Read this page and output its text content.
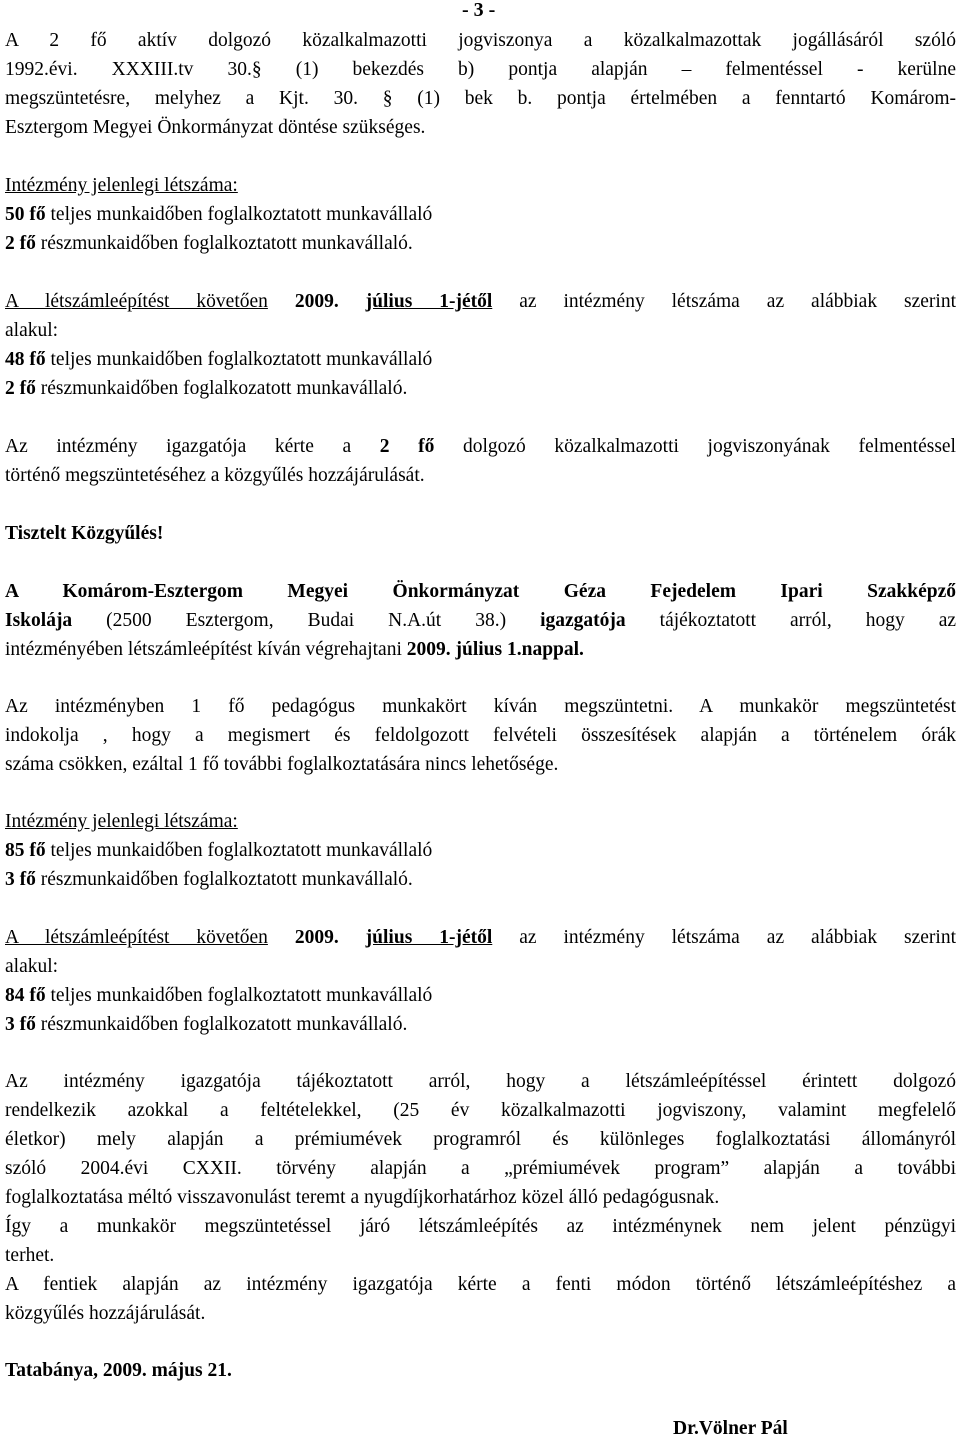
- 3 -
A 2 fő aktív dolgozó közalkalmazotti jogviszonya a közalkalmazottak jogállásáról szóló
1992.évi. XXXIII.tv 30.§ (1) bekezdés b) pontja alapján – felmentéssel - kerülne
megszüntetésre, melyhez a Kjt. 30. § (1) bek b. pontja értelmében a fenntartó Komárom-
Esztergom Megyei Önkormányzat döntése szükséges.
Intézmény jelenlegi létszáma:
50 fő teljes munkaidőben foglalkoztatott munkavállaló
2 fő részmunkaidőben foglalkoztatott munkavállaló.
A létszámleépítést követően 2009. július 1-jétől az intézmény létszáma az alábbiak szerint
alakul:
48 fő teljes munkaidőben foglalkoztatott munkavállaló
2 fő részmunkaidőben foglalkozatott munkavállaló.
Az intézmény igazgatója kérte a 2 fő dolgozó közalkalmazotti jogviszonyának felmentéssel
történő megszüntetéséhez a közgyűlés hozzájárulását.
Tisztelt Közgyűlés!
A Komárom-Esztergom Megyei Önkormányzat Géza Fejedelem Ipari Szakképző
Iskolája (2500 Esztergom, Budai N.A.út 38.) igazgatója tájékoztatott arról, hogy az
intézményében létszámleépítést kíván végrehajtani 2009. július 1.nappal.
Az intézményben 1 fő pedagógus munkakört kíván megszüntetni. A munkakör megszüntetést
indokolja , hogy a megismert és feldolgozott felvételi összesítések alapján a történelem órák
száma csökken, ezáltal 1 fő további foglalkoztatására nincs lehetősége.
Intézmény jelenlegi létszáma:
85 fő teljes munkaidőben foglalkoztatott munkavállaló
3 fő részmunkaidőben foglalkoztatott munkavállaló.
A létszámleépítést követően 2009. július 1-jétől az intézmény létszáma az alábbiak szerint
alakul:
84 fő teljes munkaidőben foglalkoztatott munkavállaló
3 fő részmunkaidőben foglalkozatott munkavállaló.
Az intézmény igazgatója tájékoztatott arról, hogy a létszámleépítéssel érintett dolgozó
rendelkezik azokkal a feltételekkel, (25 év közalkalmazotti jogviszony, valamint megfelelő
életkor) mely alapján a prémiumévek programról és különleges foglalkoztatási állományról
szóló 2004.évi CXXII. törvény alapján a „prémiumévek program” alapján a további
foglalkoztatása méltó visszavonulást teremt a nyugdíjkorhatárhoz közel álló pedagógusnak.
Így a munkakör megszüntetéssel járó létszámleépítés az intézménynek nem jelent pénzügyi
terhet.
A fentiek alapján az intézmény igazgatója kérte a fenti módon történő létszámleépítéshez a
közgyűlés hozzájárulását.
Tatabánya, 2009. május 21.
Dr.Völner Pál
